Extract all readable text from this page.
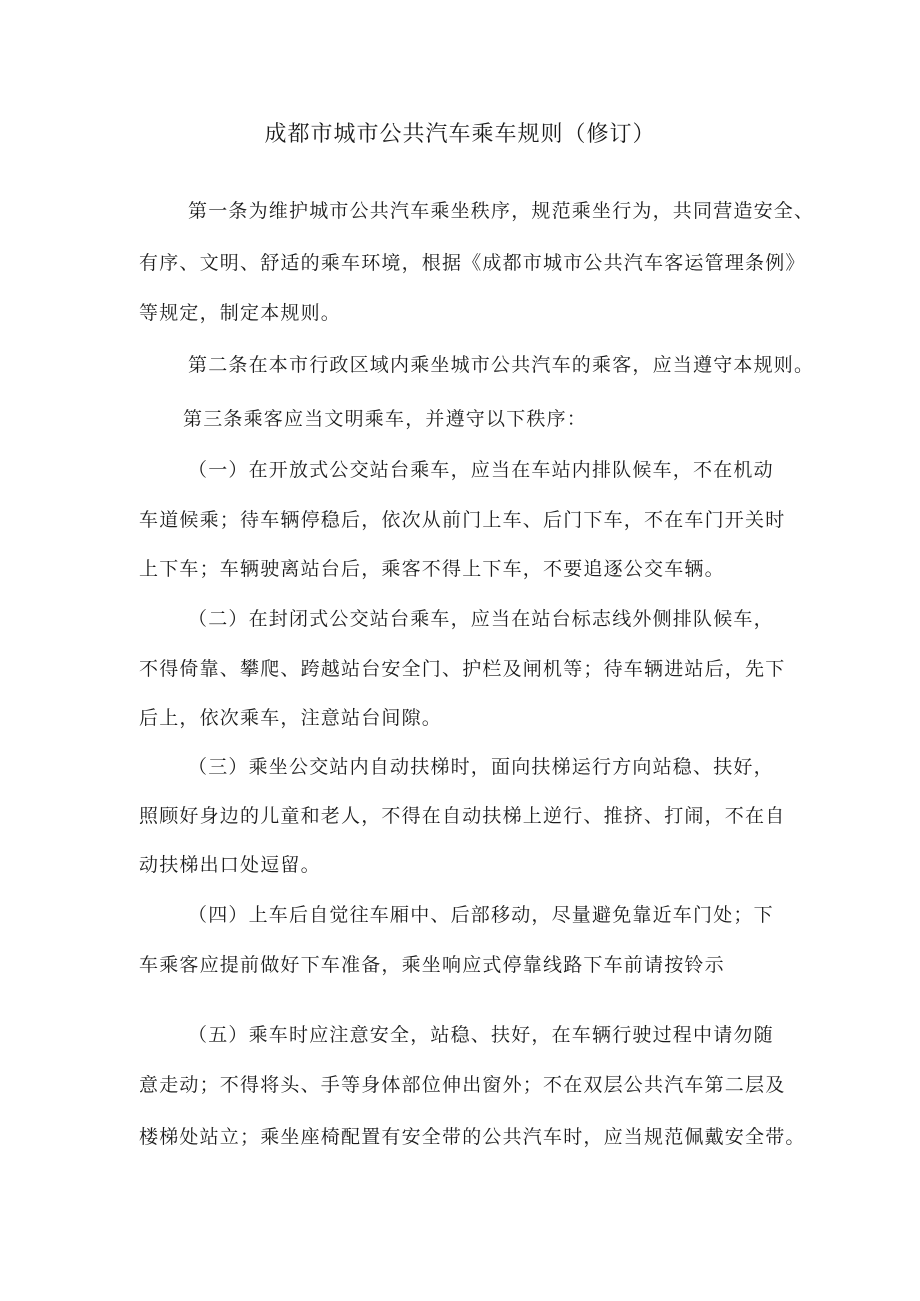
成都市城市公共汽车乘车规则（修订）
第一条为维护城市公共汽车乘坐秩序，规范乘坐行为，共同营造安全、
有序、文明、舒适的乘车环境，根据《成都市城市公共汽车客运管理条例》
等规定，制定本规则。
第二条在本市行政区域内乘坐城市公共汽车的乘客，应当遵守本规则。
第三条乘客应当文明乘车，并遵守以下秩序：
（一）在开放式公交站台乘车，应当在车站内排队候车，不在机动
车道候乘；待车辆停稳后，依次从前门上车、后门下车，不在车门开关时
上下车；车辆驶离站台后，乘客不得上下车，不要追逐公交车辆。
（二）在封闭式公交站台乘车，应当在站台标志线外侧排队候车，
不得倚靠、攀爬、跨越站台安全门、护栏及闸机等；待车辆进站后，先下
后上，依次乘车，注意站台间隙。
（三）乘坐公交站内自动扶梯时，面向扶梯运行方向站稳、扶好，
照顾好身边的儿童和老人，不得在自动扶梯上逆行、推挤、打闹，不在自
动扶梯出口处逗留。
（四）上车后自觉往车厢中、后部移动，尽量避免靠近车门处；下
车乘客应提前做好下车准备，乘坐响应式停靠线路下车前请按铃示
（五）乘车时应注意安全，站稳、扶好，在车辆行驶过程中请勿随
意走动；不得将头、手等身体部位伸出窗外；不在双层公共汽车第二层及
楼梯处站立；乘坐座椅配置有安全带的公共汽车时，应当规范佩戴安全带。
